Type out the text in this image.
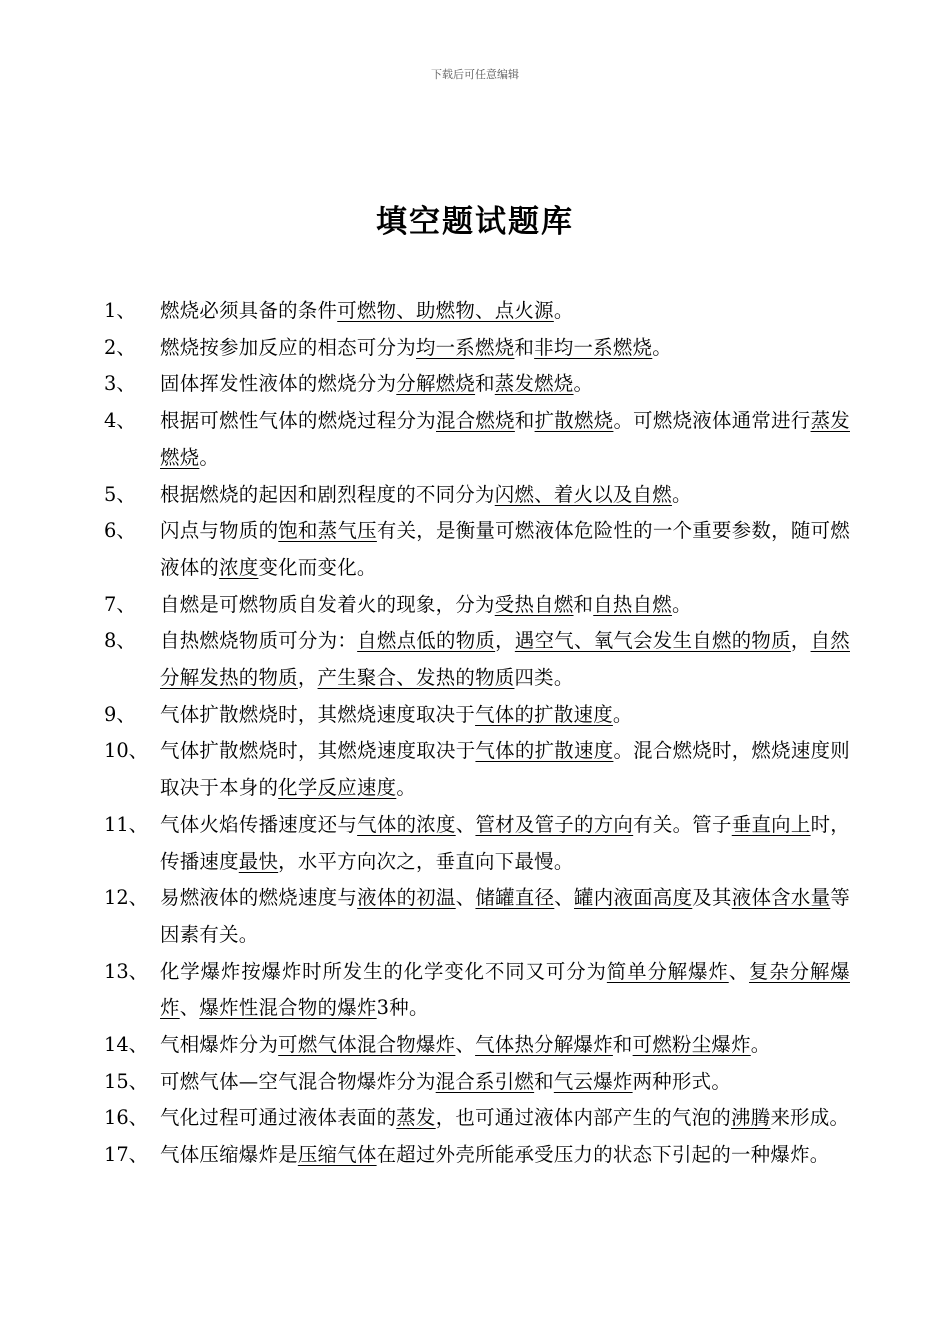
下载后可任意编辑
填空题试题库
1、	燃烧必须具备的条件可燃物、助燃物、点火源。
2、	燃烧按参加反应的相态可分为均一系燃烧和非均一系燃烧。
3、	固体挥发性液体的燃烧分为分解燃烧和蒸发燃烧。
4、	根据可燃性气体的燃烧过程分为混合燃烧和扩散燃烧。可燃烧液体通常进行蒸发燃烧。
5、	根据燃烧的起因和剧烈程度的不同分为闪燃、着火以及自燃。
6、	闪点与物质的饱和蒸气压有关，是衡量可燃液体危险性的一个重要参数，随可燃液体的浓度变化而变化。
7、	自燃是可燃物质自发着火的现象，分为受热自燃和自热自燃。
8、	自热燃烧物质可分为：自燃点低的物质，遇空气、氧气会发生自燃的物质，自然分解发热的物质，产生聚合、发热的物质四类。
9、	气体扩散燃烧时，其燃烧速度取决于气体的扩散速度。
10、 气体扩散燃烧时，其燃烧速度取决于气体的扩散速度。混合燃烧时，燃烧速度则取决于本身的化学反应速度。
11、 气体火焰传播速度还与气体的浓度、管材及管子的方向有关。管子垂直向上时，传播速度最快，水平方向次之，垂直向下最慢。
12、 易燃液体的燃烧速度与液体的初温、储罐直径、罐内液面高度及其液体含水量等因素有关。
13、 化学爆炸按爆炸时所发生的化学变化不同又可分为简单分解爆炸、复杂分解爆炸、爆炸性混合物的爆炸3种。
14、 气相爆炸分为可燃气体混合物爆炸、气体热分解爆炸和可燃粉尘爆炸。
15、 可燃气体—空气混合物爆炸分为混合系引燃和气云爆炸两种形式。
16、 气化过程可通过液体表面的蒸发，也可通过液体内部产生的气泡的沸腾来形成。
17、 气体压缩爆炸是压缩气体在超过外壳所能承受压力的状态下引起的一种爆炸。
